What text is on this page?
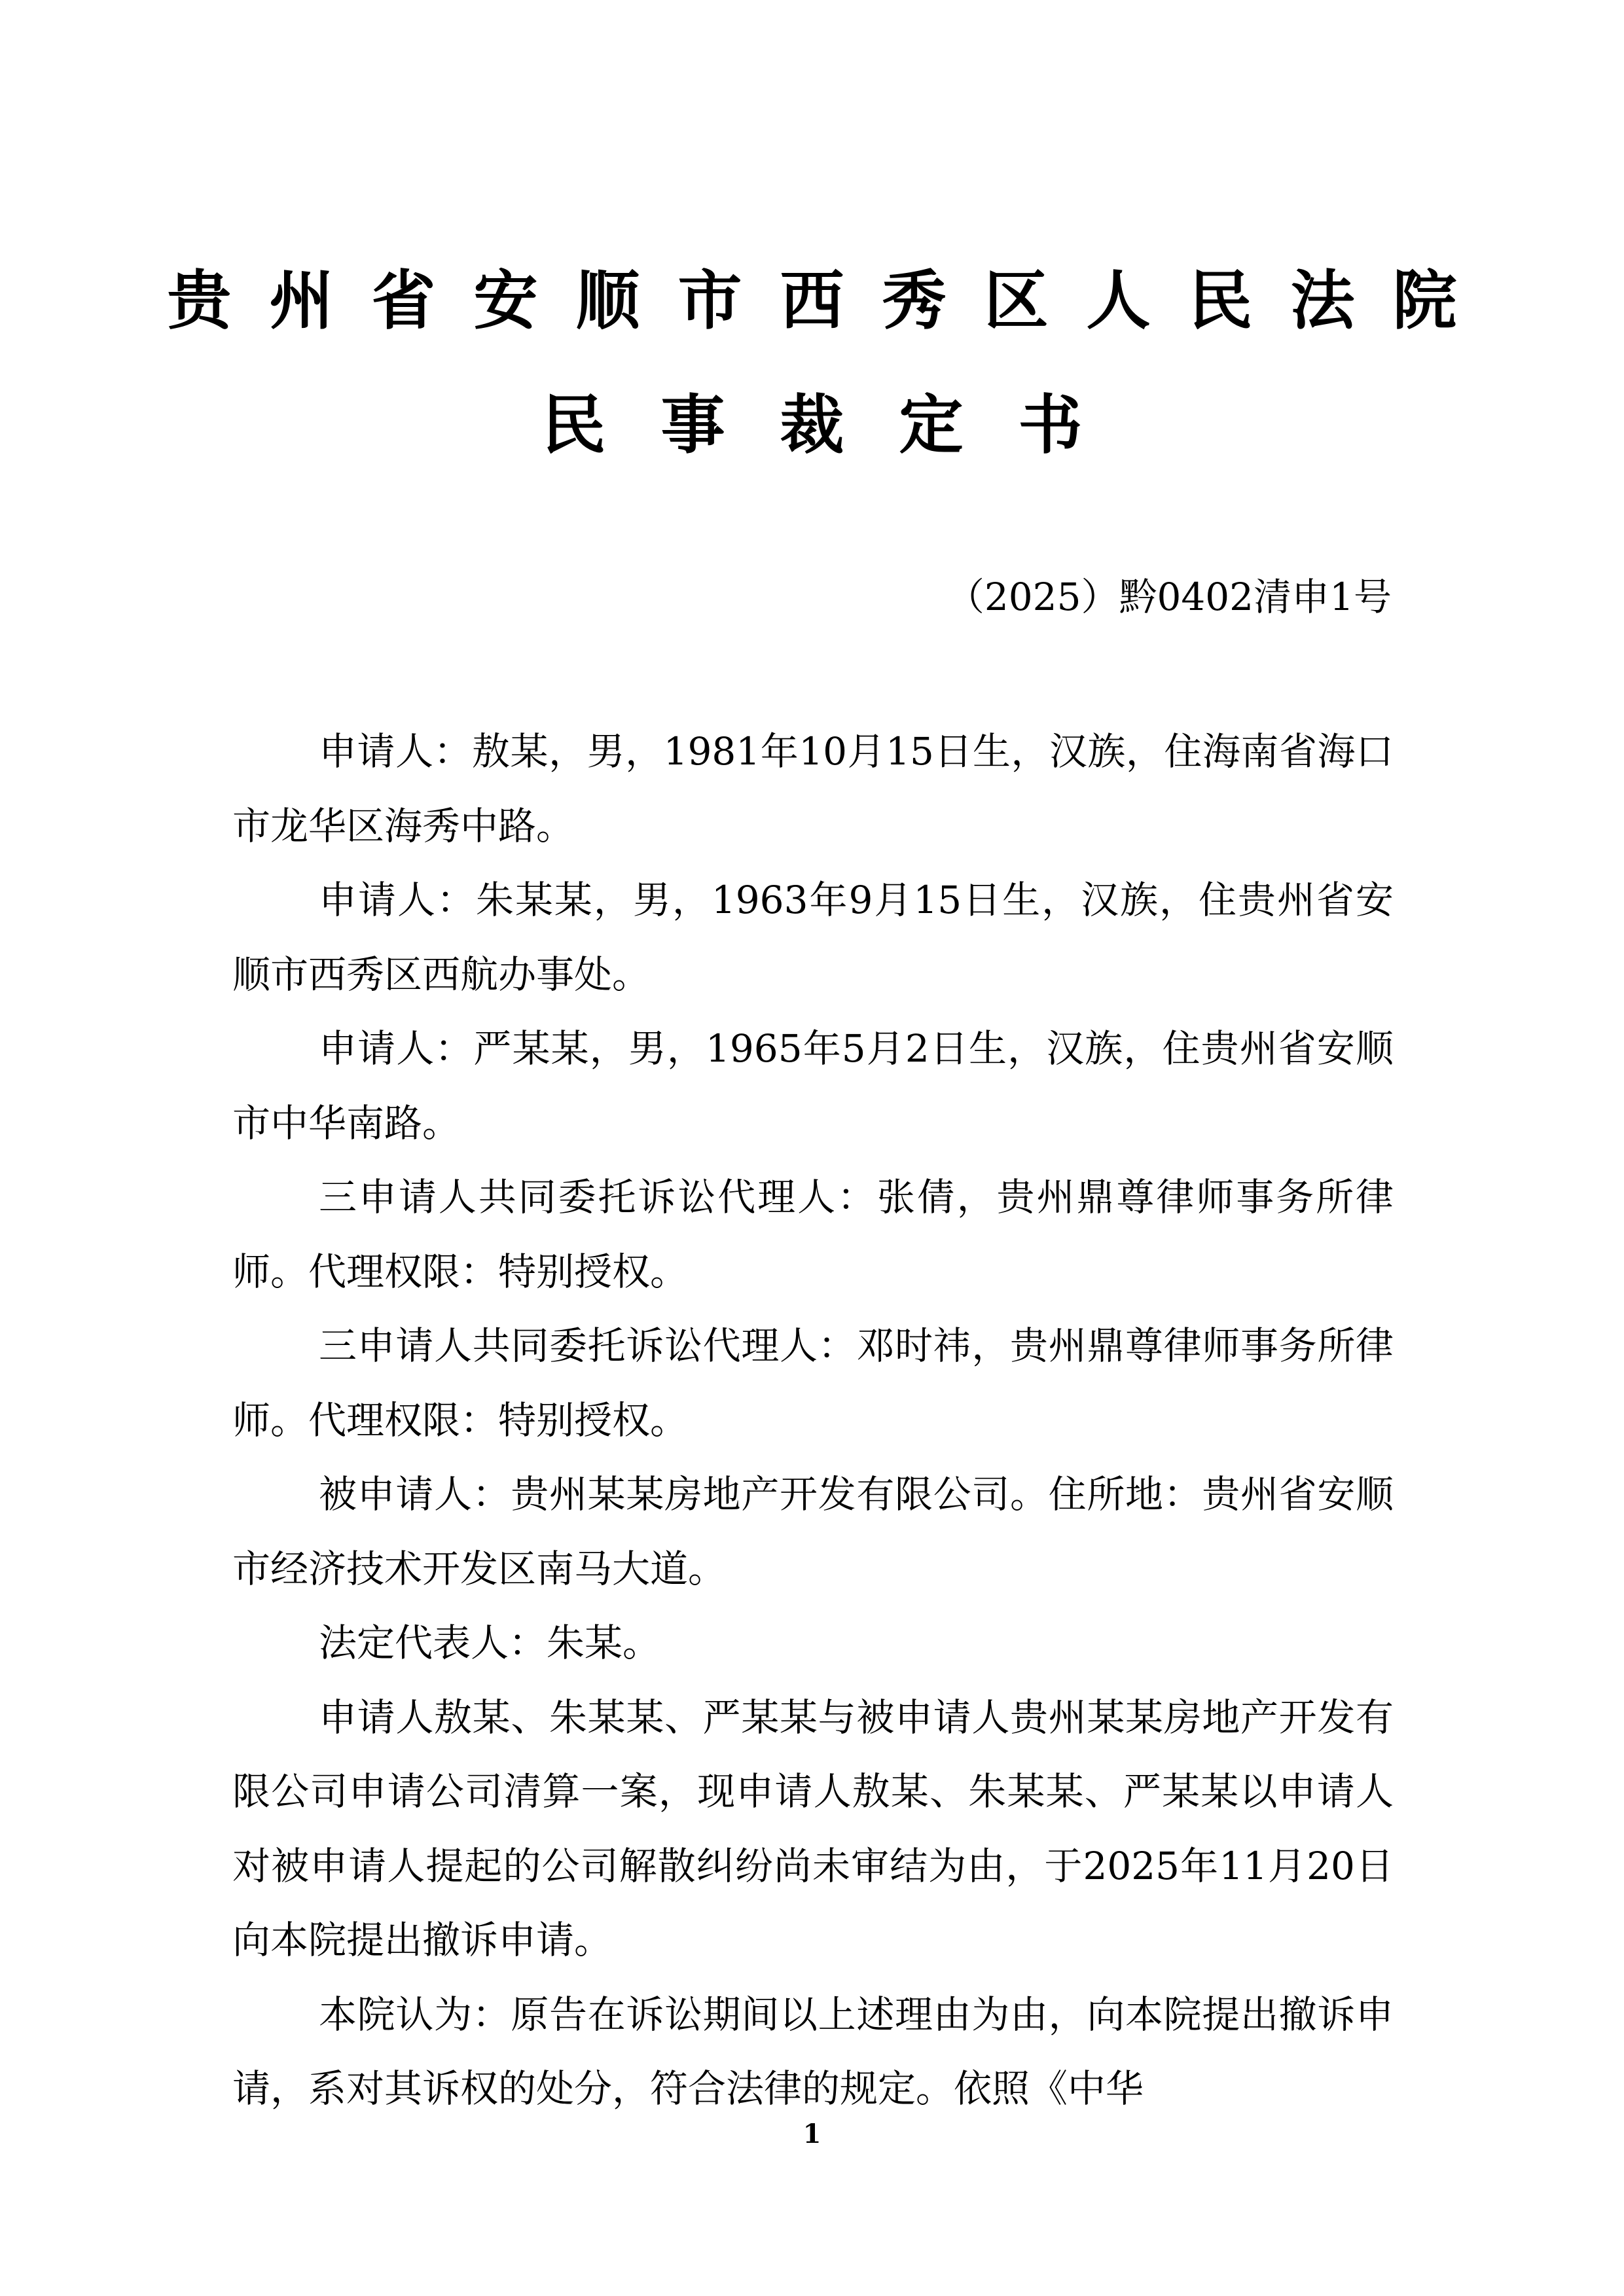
贵州省安顺市西秀区人民法院
民事裁定书
（2025）黔0402清申1号

申请人：敖某，男，1981年10月15日生，汉族，住海南省海口市龙华区海秀中路。

申请人：朱某某，男，1963年9月15日生，汉族，住贵州省安顺市西秀区西航办事处。

申请人：严某某，男，1965年5月2日生，汉族，住贵州省安顺市中华南路。

三申请人共同委托诉讼代理人：张倩，贵州鼎尊律师事务所律师。代理权限：特别授权。

三申请人共同委托诉讼代理人：邓时祎，贵州鼎尊律师事务所律师。代理权限：特别授权。

被申请人：贵州某某房地产开发有限公司。住所地：贵州省安顺市经济技术开发区南马大道。

法定代表人：朱某。

申请人敖某、朱某某、严某某与被申请人贵州某某房地产开发有限公司申请公司清算一案，现申请人敖某、朱某某、严某某以申请人对被申请人提起的公司解散纠纷尚未审结为由，于2025年11月20日向本院提出撤诉申请。

本院认为：原告在诉讼期间以上述理由为由，向本院提出撤诉申请，系对其诉权的处分，符合法律的规定。依照《中华

1
